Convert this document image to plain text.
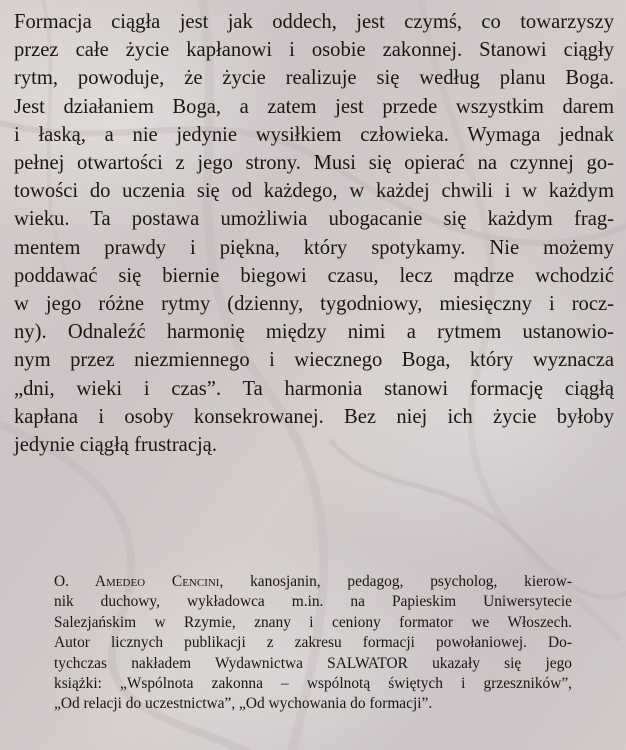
Formacja ciągła jest jak oddech, jest czymś, co towarzyszy
przez całe życie kapłanowi i osobie zakonnej. Stanowi ciągły
rytm, powoduje, że życie realizuje się według planu Boga.
Jest działaniem Boga, a zatem jest przede wszystkim darem
i łaską, a nie jedynie wysiłkiem człowieka. Wymaga jednak
pełnej otwartości z jego strony. Musi się opierać na czynnej go-
towości do uczenia się od każdego, w każdej chwili i w każdym
wieku. Ta postawa umożliwia ubogacanie się każdym frag-
mentem prawdy i piękna, który spotykamy. Nie możemy
poddawać się biernie biegowi czasu, lecz mądrze wchodzić
w jego różne rytmy (dzienny, tygodniowy, miesięczny i rocz-
ny). Odnaleźć harmonię między nimi a rytmem ustanowio-
nym przez niezmiennego i wiecznego Boga, który wyznacza
„dni, wieki i czas”. Ta harmonia stanowi formację ciągłą
kapłana i osoby konsekrowanej. Bez niej ich życie byłoby
jedynie ciągłą frustracją.
O. Amedeo Cencini, kanosjanin, pedagog, psycholog, kierow-
nik duchowy, wykładowca m.in. na Papieskim Uniwersytecie
Salezjańskim w Rzymie, znany i ceniony formator we Włoszech.
Autor licznych publikacji z zakresu formacji powołaniowej. Do-
tychczas nakładem Wydawnictwa SALWATOR ukazały się jego
książki: „Wspólnota zakonna – wspólnotą świętych i grzeszników”,
„Od relacji do uczestnictwa”, „Od wychowania do formacji”.
